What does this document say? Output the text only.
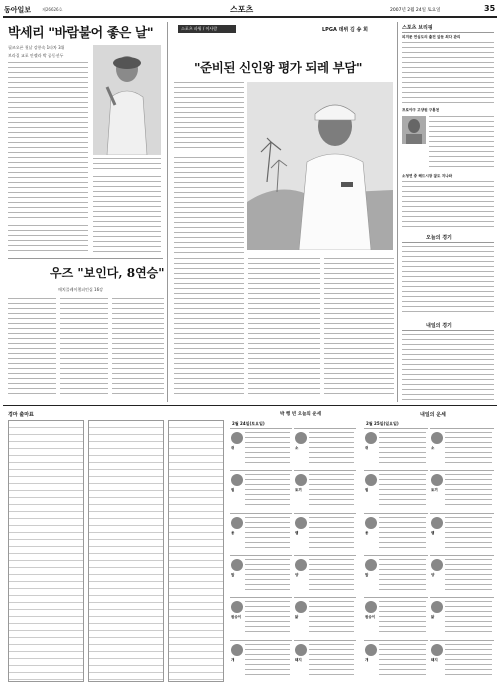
동아일보	제26626호	스포츠	2007년 2월 24일 토요일	35
박세리 "바람불어 좋은 날"
필즈오픈 첫날 강풍속 1타차 3위
브라질 교포 안젤라 박 공동선두
우즈 "보인다, 8연승"
매치플레이챔피언십 16강
스포츠 파워 / 이사람	LPGA 데뷔 김 송 희
"준비된 신인왕 평가 되레 부담"
스포츠 브리핑
피겨문 연심도의 출전 앞둔 최다 관리
프로야구 고양원 구통천
소청연 중 해드시장 잘도 지나와
오늘의 경기
내일의 경기
경마 출마표	박 행 빈 오늘의 운세
2월 24일(토요일)
쥐	소
범	토끼
용	뱀
말	양
원숭이	닭
개	돼지
내일의 운세
2월 25일(일요일)
쥐	소
범	토끼
용	뱀
말	양
원숭이	닭
개	돼지
